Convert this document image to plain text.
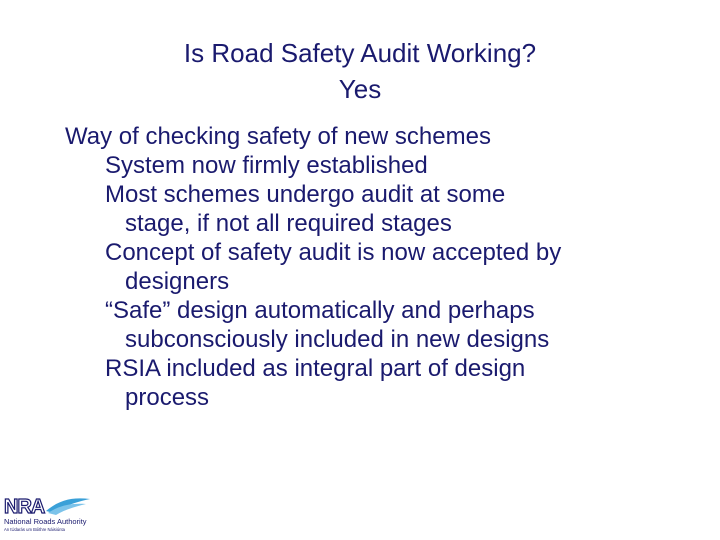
Is Road Safety Audit Working?
Yes
Way of checking safety of new schemes
System now firmly established
Most schemes undergo audit at some
stage, if not all required stages
Concept of safety audit is now accepted by
designers
“Safe” design automatically and perhaps
subconsciously included in new designs
RSIA included as integral part of design
process
NRA
National Roads Authority
An tÚdarás um Bóithre Náisiúnta
